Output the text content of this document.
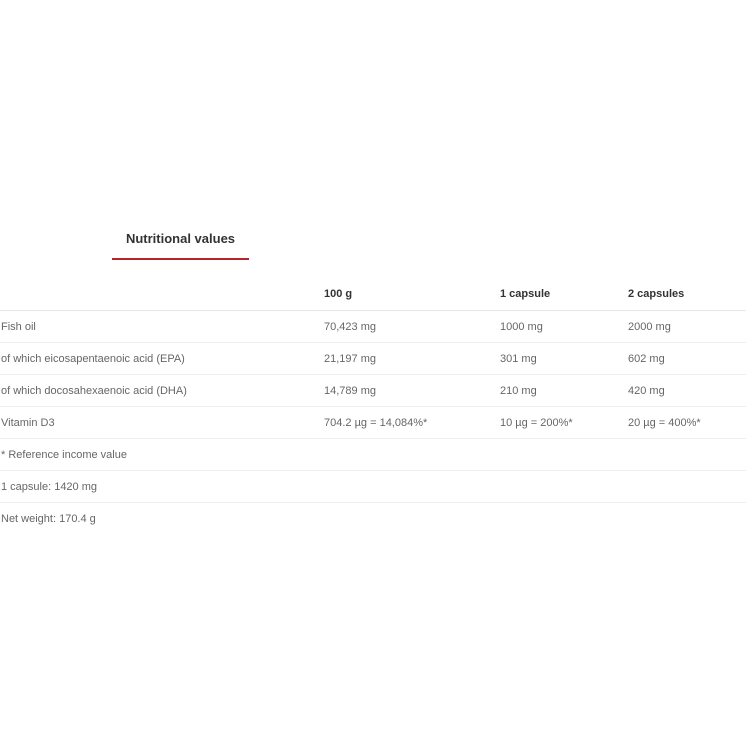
Nutritional values
	100 g	1 capsule	2 capsules
Fish oil	70,423 mg	1000 mg	2000 mg
of which eicosapentaenoic acid (EPA)	21,197 mg	301 mg	602 mg
of which docosahexaenoic acid (DHA)	14,789 mg	210 mg	420 mg
Vitamin D3	704.2 µg = 14,084%*	10 µg = 200%*	20 µg = 400%*
* Reference income value			
1 capsule: 1420 mg			
Net weight: 170.4 g			
